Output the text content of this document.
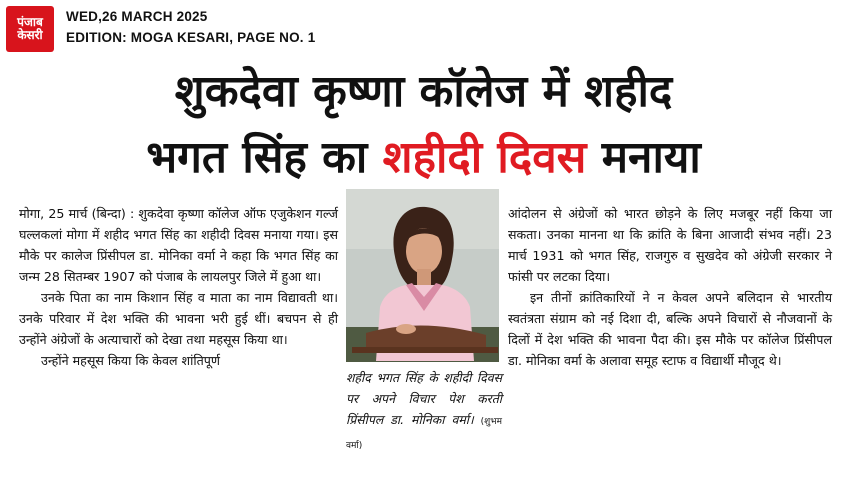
पंजाब
केसरी
WED,26 MARCH 2025
EDITION: MOGA KESARI, PAGE NO. 1
शुकदेवा कृष्णा कॉलेज में शहीद
भगत सिंह का शहीदी दिवस मनाया

मोगा, 25 मार्च (बिन्दा) : शुकदेवा कृष्णा कॉलेज ऑफ एजुकेशन गर्ल्ज घल्लकलां मोगा में शहीद भगत सिंह का शहीदी दिवस मनाया गया। इस मौके पर कालेज प्रिंसीपल डा. मोनिका वर्मा ने कहा कि भगत सिंह का जन्म 28 सितम्बर 1907 को पंजाब के लायलपुर जिले में हुआ था।

उनके पिता का नाम किशान सिंह व माता का नाम विद्यावती था। उनके परिवार में देश भक्ति की भावना भरी हुई थीं। बचपन से ही उन्होंने अंग्रेजों के अत्याचारों को देखा तथा महसूस किया था।

उन्होंने महसूस किया कि केवल शांतिपूर्ण

शहीद भगत सिंह के शहीदी दिवस पर अपने विचार पेश करती प्रिंसीपल डा. मोनिका वर्मा। (शुभम वर्मा)

आंदोलन से अंग्रेजों को भारत छोड़ने के लिए मजबूर नहीं किया जा सकता। उनका मानना था कि क्रांति के बिना आजादी संभव नहीं। 23 मार्च 1931 को भगत सिंह, राजगुरु व सुखदेव को अंग्रेजी सरकार ने फांसी पर लटका दिया।

इन तीनों क्रांतिकारियों ने न केवल अपने बलिदान से भारतीय स्वतंत्रता संग्राम को नई दिशा दी, बल्कि अपने विचारों से नौजवानों के दिलों में देश भक्ति की भावना पैदा की। इस मौके पर कॉलेज प्रिंसीपल डा. मोनिका वर्मा के अलावा समूह स्टाफ व विद्यार्थी मौजूद थे।
